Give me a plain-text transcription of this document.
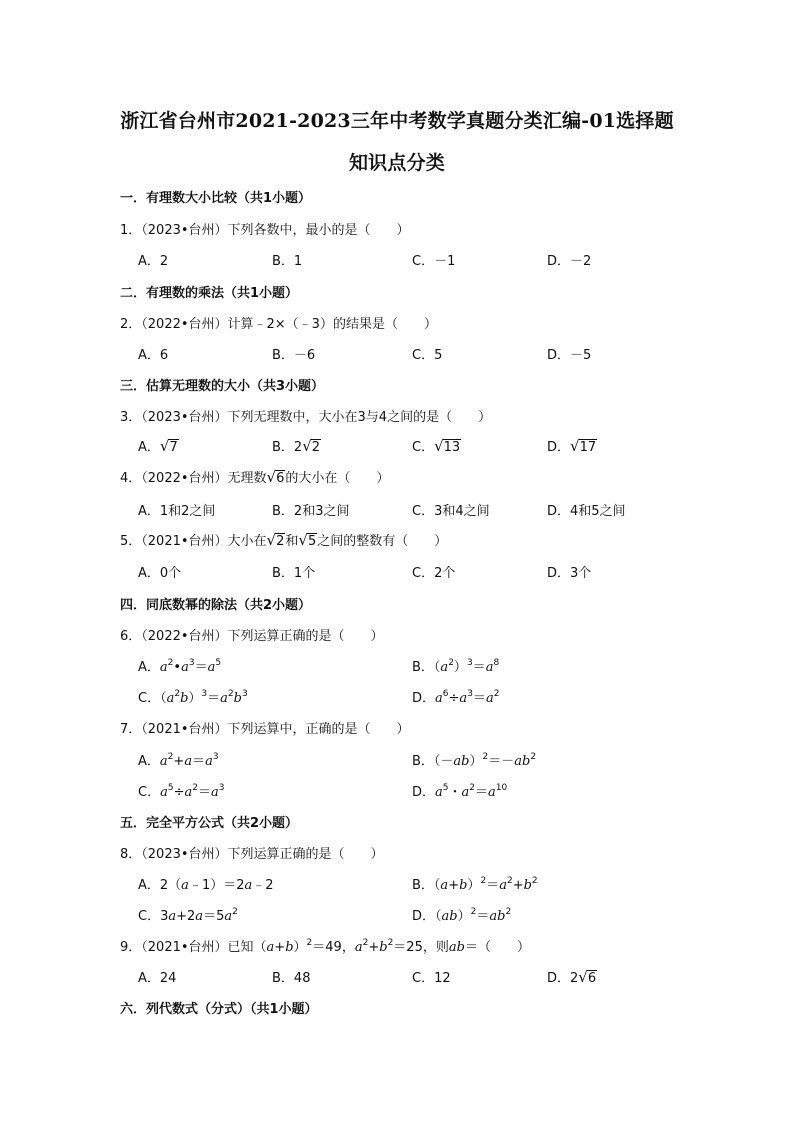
浙江省台州市2021-2023三年中考数学真题分类汇编-01选择题
知识点分类
一．有理数大小比较（共1小题）
1．（2023•台州）下列各数中，最小的是（　　）
A．2	B．1	C．－1	D．－2
二．有理数的乘法（共1小题）
2．（2022•台州）计算﹣2×（﹣3）的结果是（　　）
A．6	B．－6	C．5	D．－5
三．估算无理数的大小（共3小题）
3．（2023•台州）下列无理数中，大小在3与4之间的是（　　）
A．√7	B．2√2	C．√13	D．√17
4．（2022•台州）无理数√6的大小在（　　）
A．1和2之间	B．2和3之间	C．3和4之间	D．4和5之间
5．（2021•台州）大小在√2和√5之间的整数有（　　）
A．0个	B．1个	C．2个	D．3个
四．同底数幂的除法（共2小题）
6．（2022•台州）下列运算正确的是（　　）
A．$a^2•a^3=a^5$	B．$(a^2)^3=a^8$
C．$(a^2b)^3=a^2b^3$	D．$a^6\div a^3=a^2$
7．（2021•台州）下列运算中，正确的是（　　）
A．$a^2+a=a^3$	B．$(-ab)^2=-ab^2$
C．$a^5\div a^2=a^3$	D．$a^5$・$a^2=a^{10}$
五．完全平方公式（共2小题）
8．（2023•台州）下列运算正确的是（　　）
A．2（a﹣1）＝2a﹣2	B．$(a+b)^2=a^2+b^2$
C．$3a+2a=5a^2$	D．$(ab)^2=ab^2$
9．（2021•台州）已知$(a+b)^2=49$，$a^2+b^2=25$，则ab＝（　　）
A．24	B．48	C．12	D．2√6
六．列代数式（分式）（共1小题）
